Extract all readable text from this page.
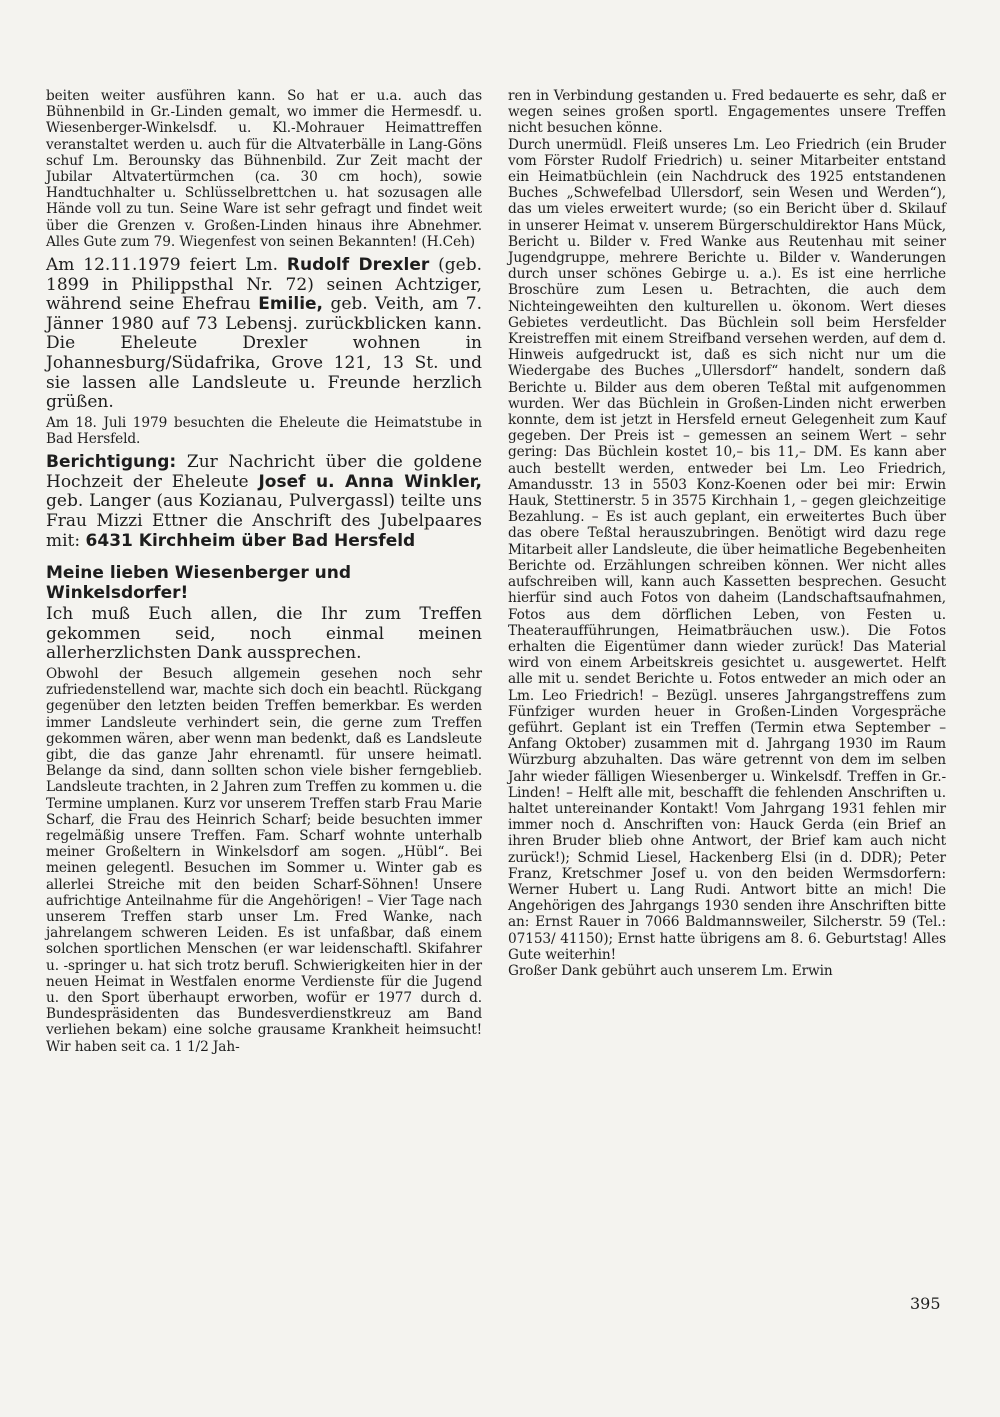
beiten weiter ausführen kann. So hat er u.a. auch das Bühnenbild in Gr.-Linden gemalt, wo immer die Hermesdf. u. Wiesenberger-Winkelsdf. u. Kl.-Mohrauer Heimattreffen veranstaltet werden u. auch für die Altvaterbälle in Lang-Göns schuf Lm. Berounsky das Bühnenbild. Zur Zeit macht der Jubilar Altvatertürmchen (ca. 30 cm hoch), sowie Handtuchhalter u. Schlüsselbrettchen u. hat sozusagen alle Hände voll zu tun. Seine Ware ist sehr gefragt und findet weit über die Grenzen v. Großen-Linden hinaus ihre Abnehmer. Alles Gute zum 79. Wiegenfest von seinen Bekannten! (H.Ceh)

Am 12.11.1979 feiert Lm. Rudolf Drexler (geb. 1899 in Philippsthal Nr. 72) seinen Achtziger, während seine Ehefrau Emilie, geb. Veith, am 7. Jänner 1980 auf 73 Lebensj. zurückblicken kann. Die Eheleute Drexler wohnen in Johannesburg/Südafrika, Grove 121, 13 St. und sie lassen alle Landsleute u. Freunde herzlich grüßen.

Am 18. Juli 1979 besuchten die Eheleute die Heimatstube in Bad Hersfeld.

Berichtigung: Zur Nachricht über die goldene Hochzeit der Eheleute Josef u. Anna Winkler, geb. Langer (aus Kozianau, Pulvergassl) teilte uns Frau Mizzi Ettner die Anschrift des Jubelpaares mit: 6431 Kirchheim über Bad Hersfeld

Meine lieben Wiesenberger und Winkelsdorfer!

Ich muß Euch allen, die Ihr zum Treffen gekommen seid, noch einmal meinen allerherzlichsten Dank aussprechen.

Obwohl der Besuch allgemein gesehen noch sehr zufriedenstellend war, machte sich doch ein beachtl. Rückgang gegenüber den letzten beiden Treffen bemerkbar. Es werden immer Landsleute verhindert sein, die gerne zum Treffen gekommen wären, aber wenn man bedenkt, daß es Landsleute gibt, die das ganze Jahr ehrenamtl. für unsere heimatl. Belange da sind, dann sollten schon viele bisher ferngeblieb. Landsleute trachten, in 2 Jahren zum Treffen zu kommen u. die Termine umplanen. Kurz vor unserem Treffen starb Frau Marie Scharf, die Frau des Heinrich Scharf; beide besuchten immer regelmäßig unsere Treffen. Fam. Scharf wohnte unterhalb meiner Großeltern in Winkelsdorf am sogen. „Hübl“. Bei meinen gelegentl. Besuchen im Sommer u. Winter gab es allerlei Streiche mit den beiden Scharf-Söhnen! Unsere aufrichtige Anteilnahme für die Angehörigen! – Vier Tage nach unserem Treffen starb unser Lm. Fred Wanke, nach jahrelangem schweren Leiden. Es ist unfaßbar, daß einem solchen sportlichen Menschen (er war leidenschaftl. Skifahrer u. -springer u. hat sich trotz berufl. Schwierigkeiten hier in der neuen Heimat in Westfalen enorme Verdienste für die Jugend u. den Sport überhaupt erworben, wofür er 1977 durch d. Bundespräsidenten das Bundesverdienstkreuz am Band verliehen bekam) eine solche grausame Krankheit heimsucht! Wir haben seit ca. 1 1/2 Jah-

ren in Verbindung gestanden u. Fred bedauerte es sehr, daß er wegen seines großen sportl. Engagementes unsere Treffen nicht besuchen könne.

Durch unermüdl. Fleiß unseres Lm. Leo Friedrich (ein Bruder vom Förster Rudolf Friedrich) u. seiner Mitarbeiter entstand ein Heimatbüchlein (ein Nachdruck des 1925 entstandenen Buches „Schwefelbad Ullersdorf, sein Wesen und Werden“), das um vieles erweitert wurde; (so ein Bericht über d. Skilauf in unserer Heimat v. unserem Bürgerschuldirektor Hans Mück, Bericht u. Bilder v. Fred Wanke aus Reutenhau mit seiner Jugendgruppe, mehrere Berichte u. Bilder v. Wanderungen durch unser schönes Gebirge u. a.). Es ist eine herrliche Broschüre zum Lesen u. Betrachten, die auch dem Nichteingeweihten den kulturellen u. ökonom. Wert dieses Gebietes verdeutlicht. Das Büchlein soll beim Hersfelder Kreistreffen mit einem Streifband versehen werden, auf dem d. Hinweis aufgedruckt ist, daß es sich nicht nur um die Wiedergabe des Buches „Ullersdorf“ handelt, sondern daß Berichte u. Bilder aus dem oberen Teßtal mit aufgenommen wurden. Wer das Büchlein in Großen-Linden nicht erwerben konnte, dem ist jetzt in Hersfeld erneut Gelegenheit zum Kauf gegeben. Der Preis ist – gemessen an seinem Wert – sehr gering: Das Büchlein kostet 10,– bis 11,– DM. Es kann aber auch bestellt werden, entweder bei Lm. Leo Friedrich, Amandusstr. 13 in 5503 Konz-Koenen oder bei mir: Erwin Hauk, Stettinerstr. 5 in 3575 Kirchhain 1, – gegen gleichzeitige Bezahlung. – Es ist auch geplant, ein erweitertes Buch über das obere Teßtal herauszubringen. Benötigt wird dazu rege Mitarbeit aller Landsleute, die über heimatliche Begebenheiten Berichte od. Erzählungen schreiben können. Wer nicht alles aufschreiben will, kann auch Kassetten besprechen. Gesucht hierfür sind auch Fotos von daheim (Landschaftsaufnahmen, Fotos aus dem dörflichen Leben, von Festen u. Theateraufführungen, Heimatbräuchen usw.). Die Fotos erhalten die Eigentümer dann wieder zurück! Das Material wird von einem Arbeitskreis gesichtet u. ausgewertet. Helft alle mit u. sendet Berichte u. Fotos entweder an mich oder an Lm. Leo Friedrich! – Bezügl. unseres Jahrgangstreffens zum Fünfziger wurden heuer in Großen-Linden Vorgespräche geführt. Geplant ist ein Treffen (Termin etwa September – Anfang Oktober) zusammen mit d. Jahrgang 1930 im Raum Würzburg abzuhalten. Das wäre getrennt von dem im selben Jahr wieder fälligen Wiesenberger u. Winkelsdf. Treffen in Gr.-Linden! – Helft alle mit, beschafft die fehlenden Anschriften u. haltet untereinander Kontakt! Vom Jahrgang 1931 fehlen mir immer noch d. Anschriften von: Hauck Gerda (ein Brief an ihren Bruder blieb ohne Antwort, der Brief kam auch nicht zurück!); Schmid Liesel, Hackenberg Elsi (in d. DDR); Peter Franz, Kretschmer Josef u. von den beiden Wermsdorfern: Werner Hubert u. Lang Rudi. Antwort bitte an mich! Die Angehörigen des Jahrgangs 1930 senden ihre Anschriften bitte an: Ernst Rauer in 7066 Baldmannsweiler, Silcherstr. 59 (Tel.: 07153/ 41150); Ernst hatte übrigens am 8. 6. Geburtstag! Alles Gute weiterhin!

Großer Dank gebührt auch unserem Lm. Erwin

395
